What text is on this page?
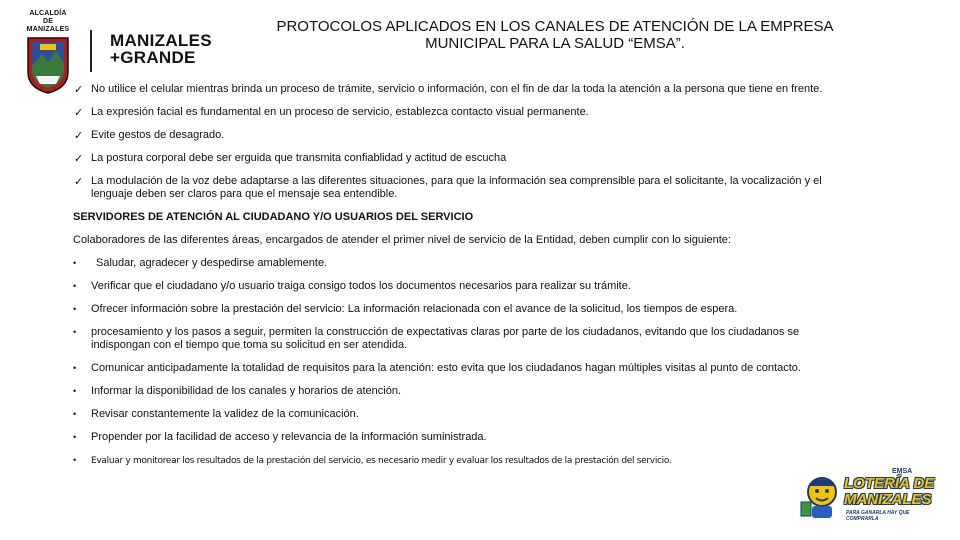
ALCALDÍA
DE MANIZALES
MANIZALES
+GRANDE
PROTOCOLOS APLICADOS EN LOS CANALES DE ATENCIÓN DE LA EMPRESA
MUNICIPAL PARA LA SALUD “EMSA”.
✓ No utilice el celular mientras brinda un proceso de trámite, servicio o información, con el fin de dar la toda la atención a la persona que tiene en frente.
✓ La expresión facial es fundamental en un proceso de servicio, establezca contacto visual permanente.
✓ Evite gestos de desagrado.
✓ La postura corporal debe ser erguida que transmita confiablidad y actitud de escucha
✓ La modulación de la voz debe adaptarse a las diferentes situaciones, para que la información sea comprensible para el solicitante, la vocalización y el
lenguaje deben ser claros para que el mensaje sea entendible.
SERVIDORES DE ATENCIÓN AL CIUDADANO Y/O USUARIOS DEL SERVICIO
Colaboradores de las diferentes áreas, encargados de atender el primer nivel de servicio de la Entidad, deben cumplir con lo siguiente:
• Saludar, agradecer y despedirse amablemente.
• Verificar que el ciudadano y/o usuario traiga consigo todos los documentos necesarios para realizar su trámite.
• Ofrecer información sobre la prestación del servicio: La información relacionada con el avance de la solicitud, los tiempos de espera.
• procesamiento y los pasos a seguir, permiten la construcción de expectativas claras por parte de los ciudadanos, evitando que los ciudadanos se
indispongan con el tiempo que toma su solicitud en ser atendida.
• Comunicar anticipadamente la totalidad de requisitos para la atención: esto evita que los ciudadanos hagan múltiples visitas al punto de contacto.
• Informar la disponibilidad de los canales y horarios de atención.
• Revisar constantemente la validez de la comunicación.
• Propender por la facilidad de acceso y relevancia de la información suministrada.
• Evaluar y monitorear los resultados de la prestación del servicio, es necesario medir y evaluar los resultados de la prestación del servicio.
EMSA
LOTERÍA DE
MANIZALES
PARA GANARLA HAY QUE COMPRARLA
